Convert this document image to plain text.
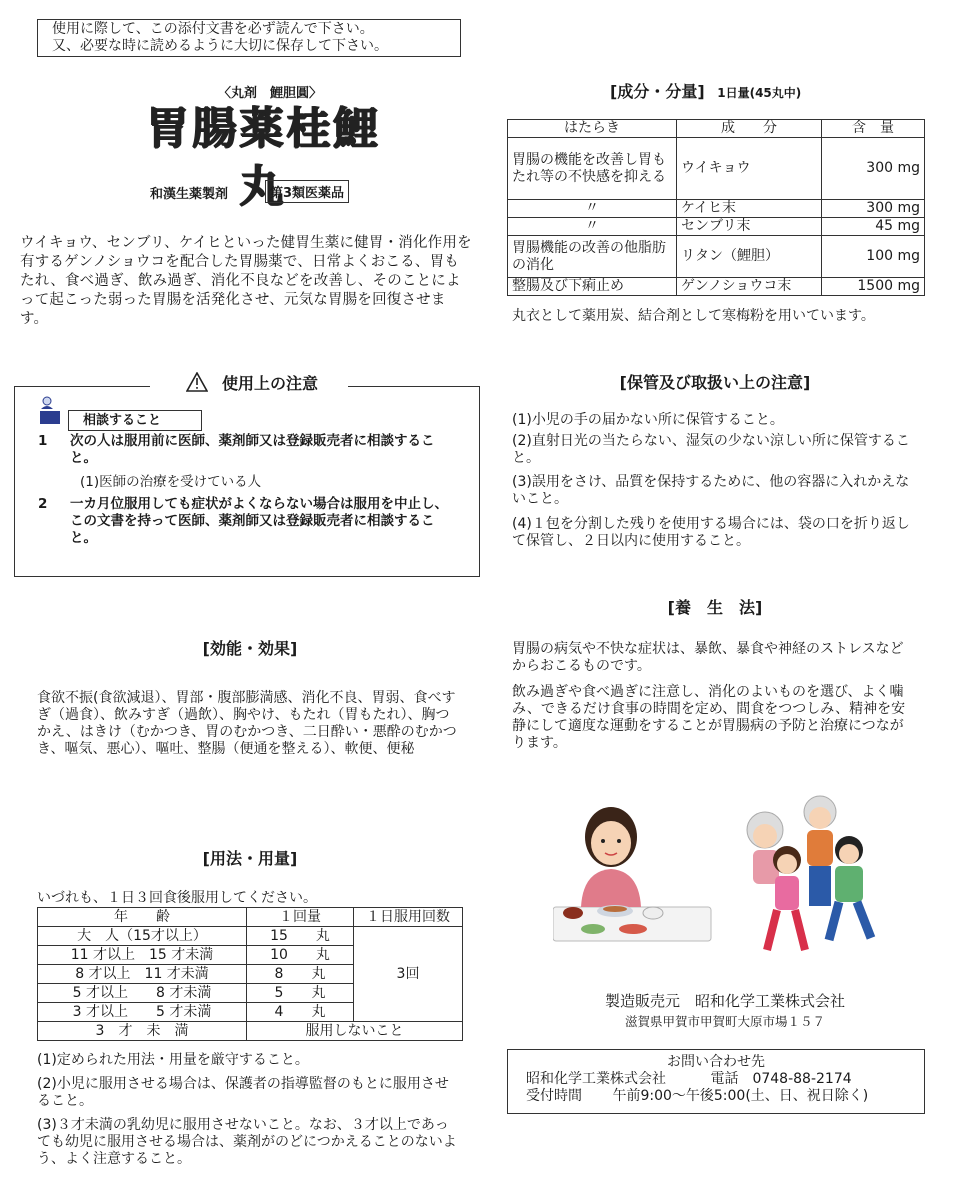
使用に際して、この添付文書を必ず読んで下さい。

又、必要な時に読めるように大切に保存して下さい。

〈丸剤　鯉胆圓〉
胃腸薬桂鯉丸
和漢生薬製剤	第3類医薬品
ウイキョウ、センブリ、ケイヒといった健胃生薬に健胃・消化作用を有するゲンノショウコを配合した胃腸薬で、日常よくおこる、胃もたれ、食べ過ぎ、飲み過ぎ、消化不良などを改善し、そのことによって起こった弱った胃腸を活発化させ、元気な胃腸を回復させます。
使用上の注意
相談すること
1 次の人は服用前に医師、薬剤師又は登録販売者に相談すること。
(1)医師の治療を受けている人
2 一カ月位服用しても症状がよくならない場合は服用を中止し、この文書を持って医師、薬剤師又は登録販売者に相談すること。
[効能・効果]
食欲不振(食欲減退）、胃部・腹部膨満感、消化不良、胃弱、食べすぎ（過食）、飲みすぎ（過飲）、胸やけ、もたれ（胃もたれ）、胸つかえ、はきけ（むかつき、胃のむかつき、二日酔い・悪酔のむかつき、嘔気、悪心）、嘔吐、整腸（便通を整える）、軟便、便秘
[用法・用量]
いづれも、１日３回食後服用してください。
年　　齢	１回量	１日服用回数
大　人（15才以上）	15　　丸	3回
11 才以上　15 才未満	10　　丸	
8 才以上　11 才未満	8　　丸	
5 才以上　　8 才未満	5　　丸	
3 才以上　　5 才未満	4　　丸	
3　才　未　満	服用しないこと	
(1)定められた用法・用量を厳守すること。
(2)小児に服用させる場合は、保護者の指導監督のもとに服用させること。
(3)３才未満の乳幼児に服用させないこと。なお、３才以上であっても幼児に服用させる場合は、薬剤がのどにつかえることのないよう、よく注意すること。
[成分・分量] 1日量(45丸中)
はたらき	成　　分	含　量
胃腸の機能を改善し胃もたれ等の不快感を抑える	ウイキョウ	300 mg
〃	ケイヒ末	300 mg
〃	センブリ末	45 mg
胃腸機能の改善の他脂肪の消化	リタン（鯉胆）	100 mg
整腸及び下痢止め	ゲンノショウコ末	1500 mg
丸衣として薬用炭、結合剤として寒梅粉を用いています。
[保管及び取扱い上の注意]
(1)小児の手の届かない所に保管すること。
(2)直射日光の当たらない、湿気の少ない涼しい所に保管すること。
(3)誤用をさけ、品質を保持するために、他の容器に入れかえないこと。
(4)１包を分割した残りを使用する場合には、袋の口を折り返して保管し、２日以内に使用すること。
[養　生　法]
胃腸の病気や不快な症状は、暴飲、暴食や神経のストレスなどからおこるものです。
飲み過ぎや食べ過ぎに注意し、消化のよいものを選び、よく噛み、できるだけ食事の時間を定め、間食をつつしみ、精神を安静にして適度な運動をすることが胃腸病の予防と治療につながります。
製造販売元　昭和化学工業株式会社
滋賀県甲賀市甲賀町大原市場１５７
お問い合わせ先
昭和化学工業株式会社	電話　0748-88-2174
受付時間 午前9:00～午後5:00(土、日、祝日除く)
